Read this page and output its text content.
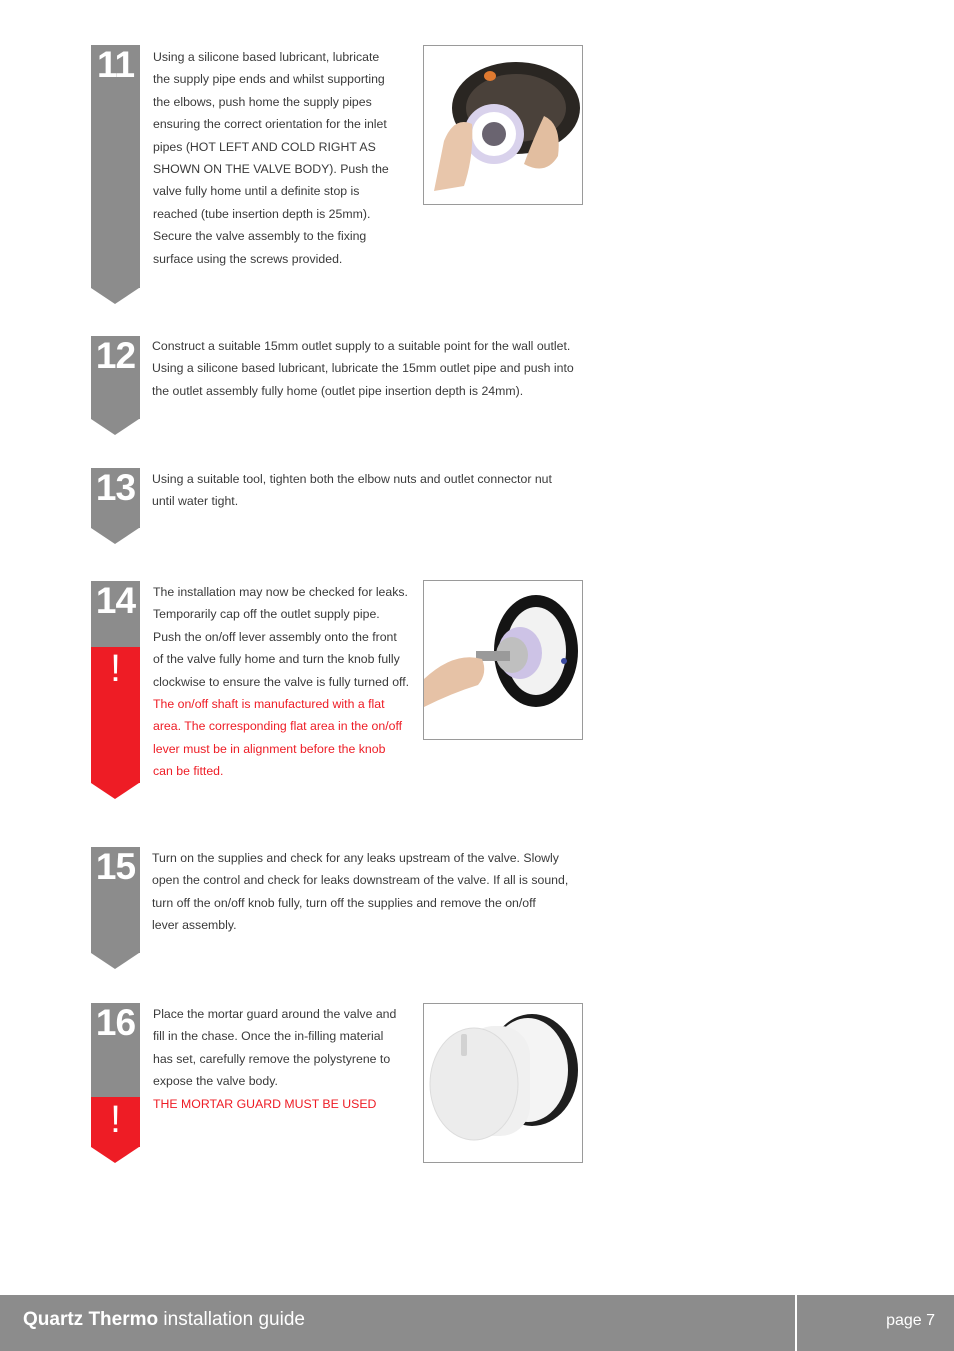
11	Using a silicone based lubricant, lubricate

the supply pipe ends and whilst supporting

the elbows, push home the supply pipes

ensuring the correct orientation for the inlet

pipes (HOT LEFT AND COLD RIGHT AS

SHOWN ON THE VALVE BODY). Push the

valve fully home until a definite stop is

reached (tube insertion depth is 25mm).

Secure the valve assembly to the fixing

surface using the screws provided.

12	Construct a suitable 15mm outlet supply to a suitable point for the wall outlet.

Using a silicone based lubricant, lubricate the 15mm outlet pipe and push into

the outlet assembly fully home (outlet pipe insertion depth is 24mm).

13	Using a suitable tool, tighten both the elbow nuts and outlet connector nut

until water tight.

14
!

The installation may now be checked for leaks.

Temporarily cap off the outlet supply pipe.

Push the on/off lever assembly onto the front

of the valve fully home and turn the knob fully

clockwise to ensure the valve is fully turned off.

The on/off shaft is manufactured with a flat

area. The corresponding flat area in the on/off

lever must be in alignment before the knob

can be fitted.

15	Turn on the supplies and check for any leaks upstream of the valve. Slowly

open the control and check for leaks downstream of the valve. If all is sound,

turn off the on/off knob fully, turn off the supplies and remove the on/off

lever assembly.

16
!

Place the mortar guard around the valve and

fill in the chase. Once the in-filling material

has set, carefully remove the polystyrene to

expose the valve body.

THE MORTAR GUARD MUST BE USED

Quartz Thermo installation guide	page 7
